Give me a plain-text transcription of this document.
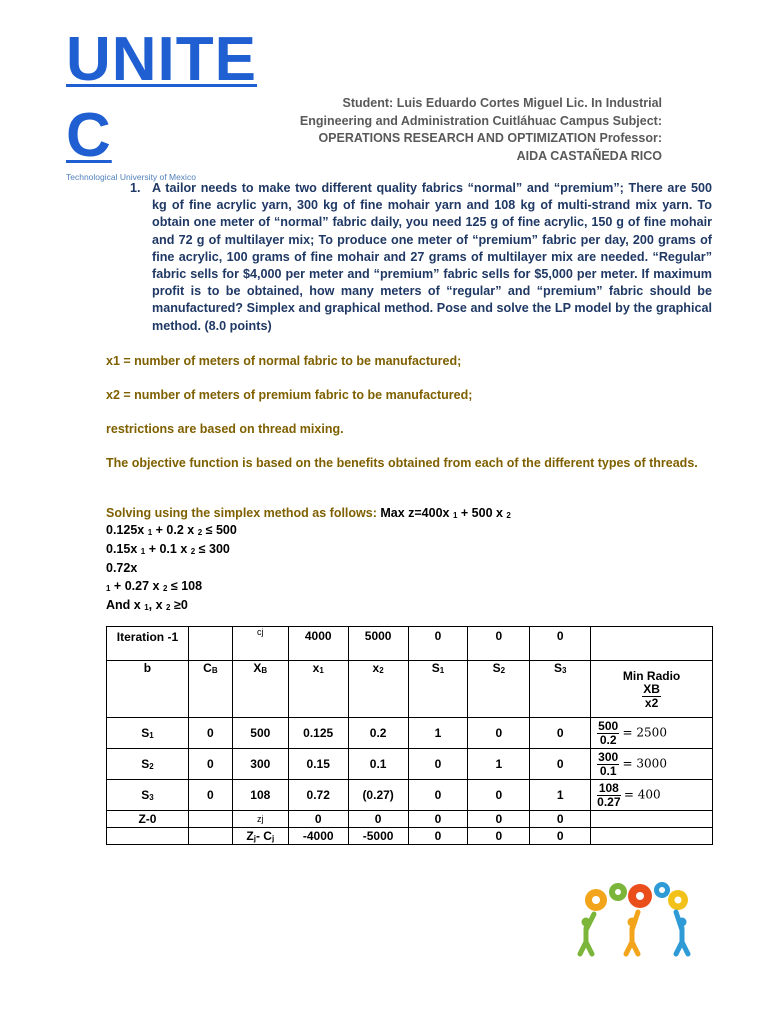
UNITE
C
Technological University of Mexico
Student: Luis Eduardo Cortes Miguel Lic. In Industrial
Engineering and Administration Cuitláhuac Campus Subject:
OPERATIONS RESEARCH AND OPTIMIZATION Professor:
AIDA CASTAÑEDA RICO
1. A tailor needs to make two different quality fabrics “normal” and “premium”; There are 500 kg of fine acrylic yarn, 300 kg of fine mohair yarn and 108 kg of multi-strand mix yarn. To obtain one meter of “normal” fabric daily, you need 125 g of fine acrylic, 150 g of fine mohair and 72 g of multilayer mix; To produce one meter of “premium” fabric per day, 200 grams of fine acrylic, 100 grams of fine mohair and 27 grams of multilayer mix are needed. “Regular” fabric sells for $4,000 per meter and “premium” fabric sells for $5,000 per meter. If maximum profit is to be obtained, how many meters of “regular” and “premium” fabric should be manufactured? Simplex and graphical method. Pose and solve the LP model by the graphical method. (8.0 points)
x1 = number of meters of normal fabric to be manufactured;
x2 = number of meters of premium fabric to be manufactured;
restrictions are based on thread mixing.
The objective function is based on the benefits obtained from each of the different types of threads.
Solving using the simplex method as follows: Max z=400x $_1$ + 500 x $_2$
0.125x $_1$ + 0.2 x $_2$ ≤ 500
0.15x $_1$ + 0.1 x $_2$ ≤ 300
0.72x
$_1$ + 0.27 x $_2$ ≤ 108
And x $_1$, x $_2$ ≥0
Iteration -1		cj	4000	5000	0	0	0	
b	$C_B$	$X_B$	$x_1$	$x_2$	$S_1$	$S_2$	$S_3$	Min Radio
$\frac{XB}{x2}$
$S_1$	0	500	0.125	0.2	1	0	0	$\frac{500}{0.2} = 2500$
$S_2$	0	300	0.15	0.1	0	1	0	$\frac{300}{0.1} = 3000$
$S_3$	0	108	0.72	(0.27)	0	0	1	$\frac{108}{0.27} = 400$
Z-0		zj	0	0	0	0	0	
		$Z_j-$ $C_j$	-4000	-5000	0	0	0	
